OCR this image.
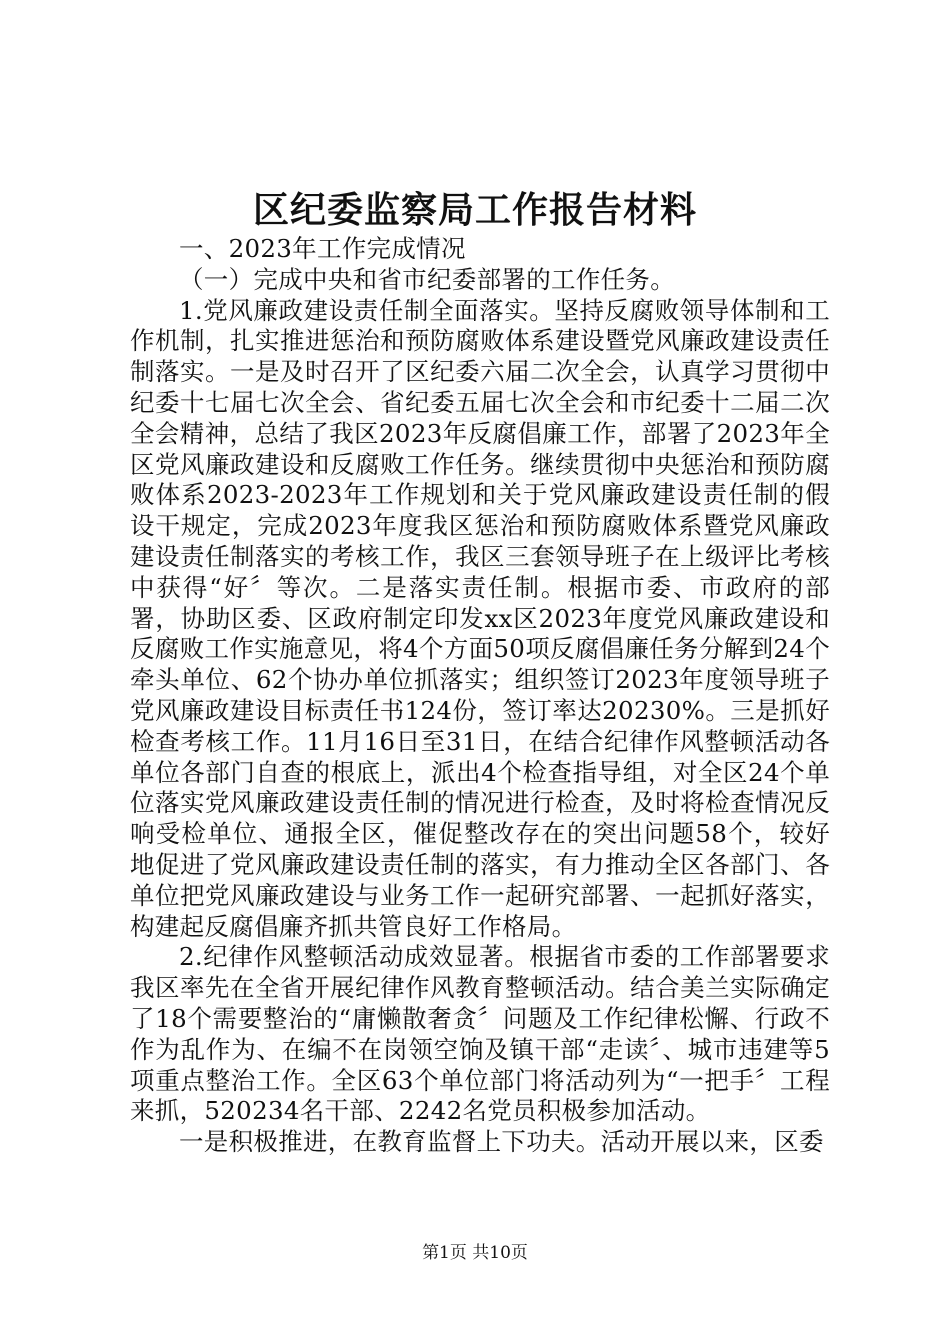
区纪委监察局工作报告材料

一、2023年工作完成情况

（一）完成中央和省市纪委部署的工作任务。

1.党风廉政建设责任制全面落实。坚持反腐败领导体制和工作机制，扎实推进惩治和预防腐败体系建设暨党风廉政建设责任制落实。一是及时召开了区纪委六届二次全会，认真学习贯彻中纪委十七届七次全会、省纪委五届七次全会和市纪委十二届二次全会精神，总结了我区2023年反腐倡廉工作，部署了2023年全区党风廉政建设和反腐败工作任务。继续贯彻中央惩治和预防腐败体系2023-2023年工作规划和关于党风廉政建设责任制的假设干规定，完成2023年度我区惩治和预防腐败体系暨党风廉政建设责任制落实的考核工作，我区三套领导班子在上级评比考核中获得“好〞等次。二是落实责任制。根据市委、市政府的部署，协助区委、区政府制定印发xx区2023年度党风廉政建设和反腐败工作实施意见，将4个方面50项反腐倡廉任务分解到24个牵头单位、62个协办单位抓落实；组织签订2023年度领导班子党风廉政建设目标责任书124份，签订率达20230%。三是抓好检查考核工作。11月16日至31日，在结合纪律作风整顿活动各单位各部门自查的根底上，派出4个检查指导组，对全区24个单位落实党风廉政建设责任制的情况进行检查，及时将检查情况反响受检单位、通报全区，催促整改存在的突出问题58个，较好地促进了党风廉政建设责任制的落实，有力推动全区各部门、各单位把党风廉政建设与业务工作一起研究部署、一起抓好落实，构建起反腐倡廉齐抓共管良好工作格局。

2.纪律作风整顿活动成效显著。根据省市委的工作部署要求我区率先在全省开展纪律作风教育整顿活动。结合美兰实际确定了18个需要整治的“庸懒散奢贪〞问题及工作纪律松懈、行政不作为乱作为、在编不在岗领空饷及镇干部“走读〞、城市违建等5项重点整治工作。全区63个单位部门将活动列为“一把手〞工程来抓，520234名干部、2242名党员积极参加活动。

一是积极推进，在教育监督上下功夫。活动开展以来，区委

第1页 共10页
